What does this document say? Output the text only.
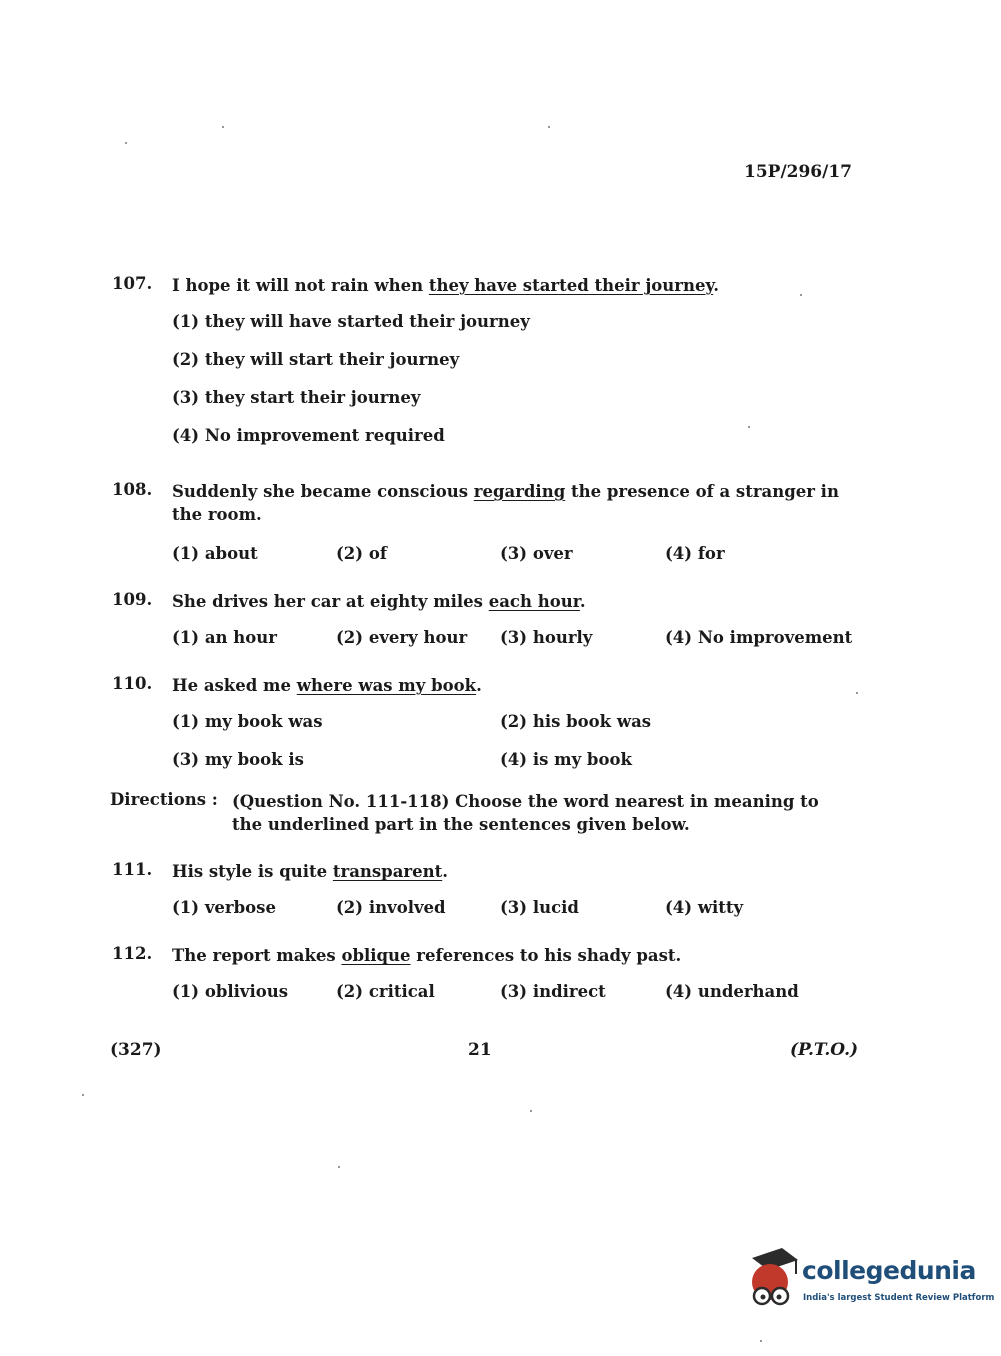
15P/296/17
107. I hope it will not rain when they have started their journey.
(1) they will have started their journey
(2) they will start their journey
(3) they start their journey
(4) No improvement required
108. Suddenly she became conscious regarding the presence of a stranger in the room.
(1) about	(2) of	(3) over	(4) for
109. She drives her car at eighty miles each hour.
(1) an hour	(2) every hour (3) hourly	(4) No improvement
110. He asked me where was my book.
(1) my book was	(2) his book was
(3) my book is	(4) is my book
Directions : (Question No. 111-118) Choose the word nearest in meaning to the underlined part in the sentences given below.
111. His style is quite transparent.
(1) verbose	(2) involved	(3) lucid	(4) witty
112. The report makes oblique references to his shady past.
(1) oblivious	(2) critical	(3) indirect	(4) underhand
(327)	21	(P.T.O.)
collegedunia
India's largest Student Review Platform
